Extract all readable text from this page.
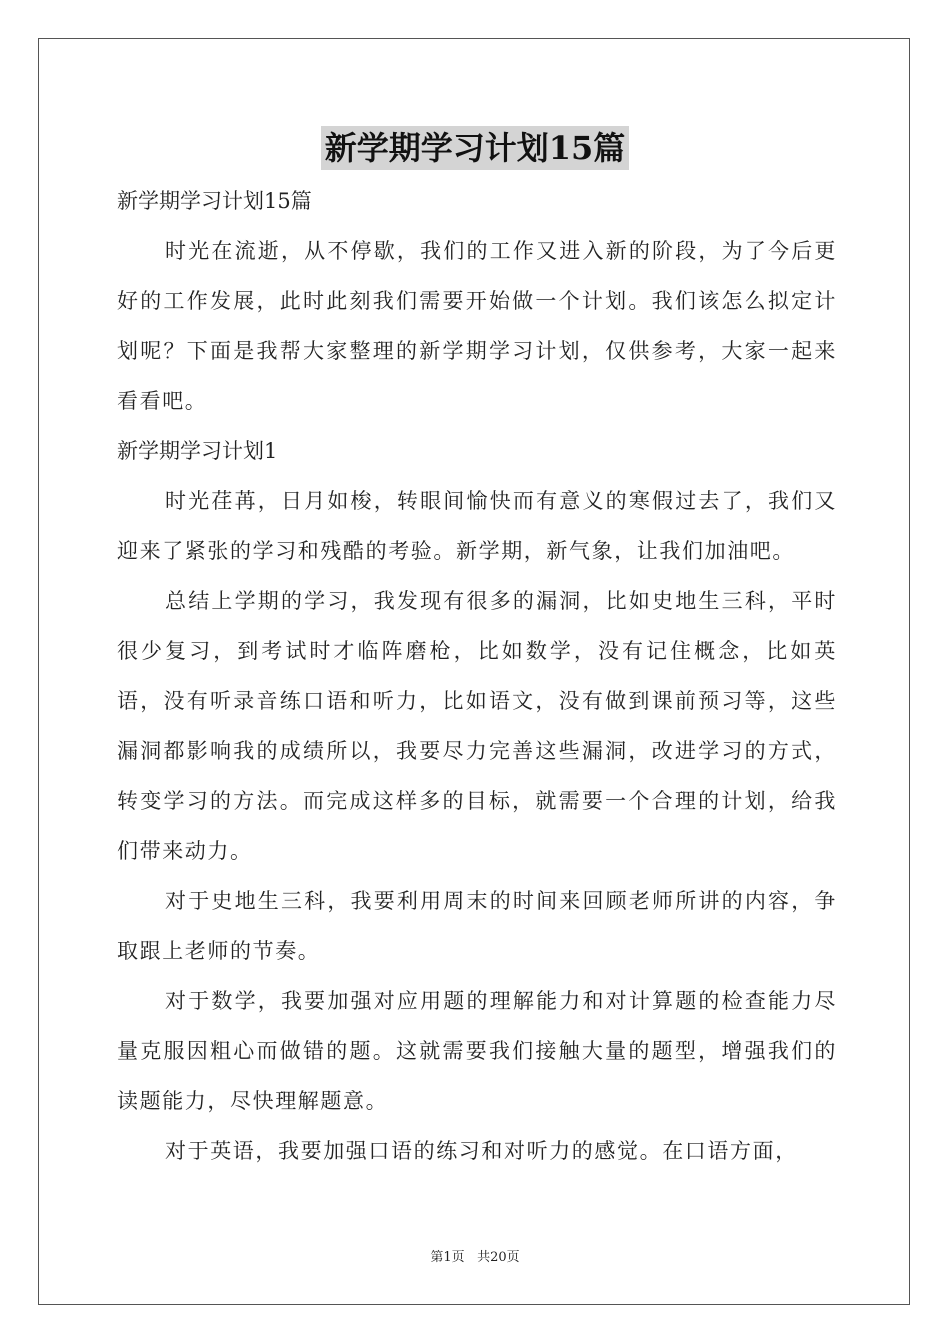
新学期学习计划15篇

新学期学习计划15篇

时光在流逝，从不停歇，我们的工作又进入新的阶段，为了今后更好的工作发展，此时此刻我们需要开始做一个计划。我们该怎么拟定计划呢？下面是我帮大家整理的新学期学习计划，仅供参考，大家一起来看看吧。

新学期学习计划1

时光荏苒，日月如梭，转眼间愉快而有意义的寒假过去了，我们又迎来了紧张的学习和残酷的考验。新学期，新气象，让我们加油吧。

总结上学期的学习，我发现有很多的漏洞，比如史地生三科，平时很少复习，到考试时才临阵磨枪，比如数学，没有记住概念，比如英语，没有听录音练口语和听力，比如语文，没有做到课前预习等，这些漏洞都影响我的成绩所以，我要尽力完善这些漏洞，改进学习的方式，转变学习的方法。而完成这样多的目标，就需要一个合理的计划，给我们带来动力。

对于史地生三科，我要利用周末的时间来回顾老师所讲的内容，争取跟上老师的节奏。

对于数学，我要加强对应用题的理解能力和对计算题的检查能力尽量克服因粗心而做错的题。这就需要我们接触大量的题型，增强我们的读题能力，尽快理解题意。

对于英语，我要加强口语的练习和对听力的感觉。在口语方面，

第1页 共20页
